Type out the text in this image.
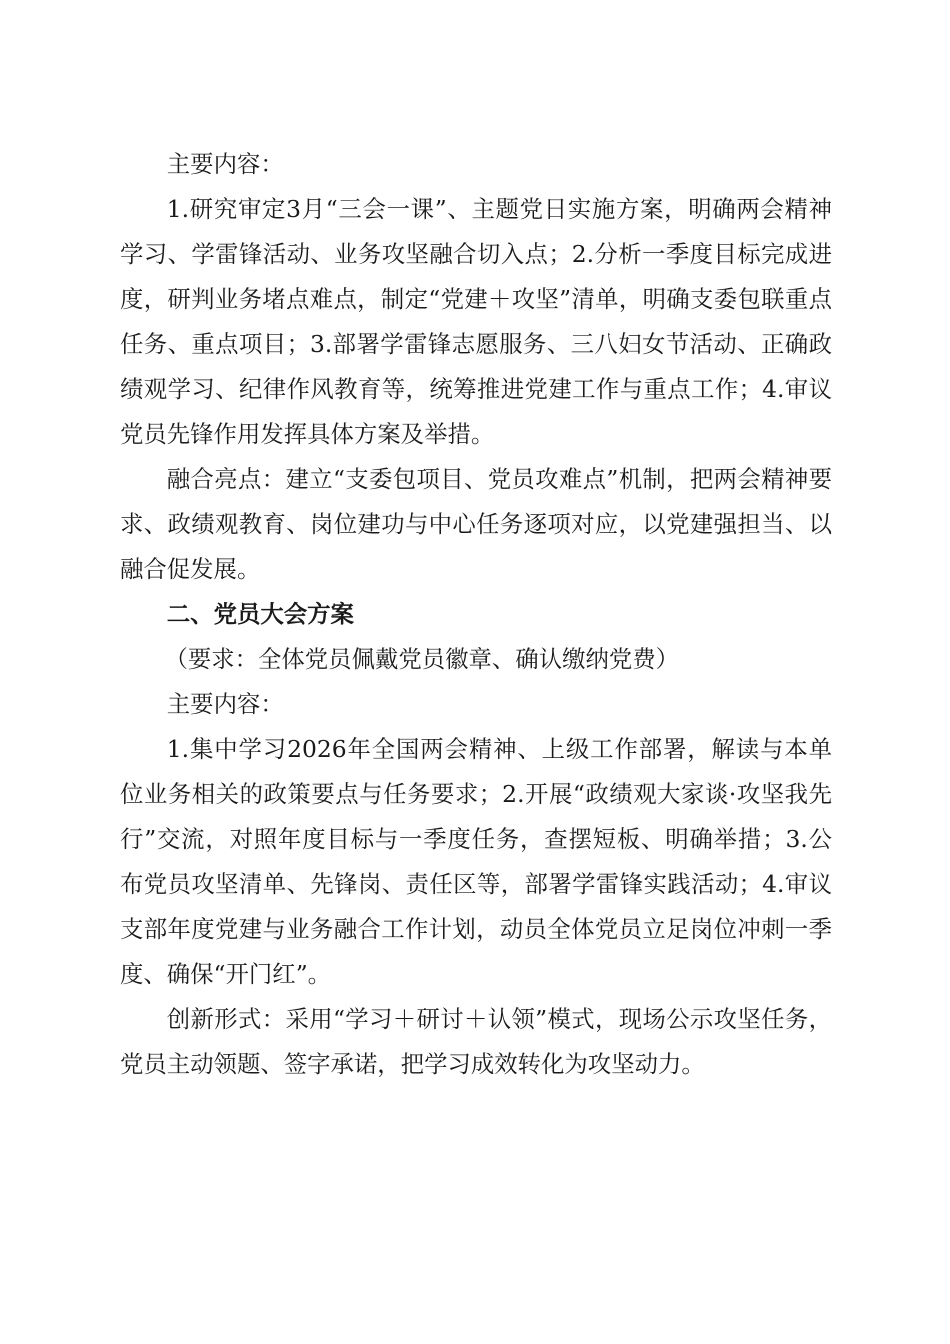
主要内容：

1.研究审定3月“三会一课”、主题党日实施方案，明确两会精神学习、学雷锋活动、业务攻坚融合切入点；2.分析一季度目标完成进度，研判业务堵点难点，制定“党建＋攻坚”清单，明确支委包联重点任务、重点项目；3.部署学雷锋志愿服务、三八妇女节活动、正确政绩观学习、纪律作风教育等，统筹推进党建工作与重点工作；4.审议党员先锋作用发挥具体方案及举措。

融合亮点：建立“支委包项目、党员攻难点”机制，把两会精神要求、政绩观教育、岗位建功与中心任务逐项对应，以党建强担当、以融合促发展。

二、党员大会方案

（要求：全体党员佩戴党员徽章、确认缴纳党费）

主要内容：

1.集中学习2026年全国两会精神、上级工作部署，解读与本单位业务相关的政策要点与任务要求；2.开展“政绩观大家谈·攻坚我先行”交流，对照年度目标与一季度任务，查摆短板、明确举措；3.公布党员攻坚清单、先锋岗、责任区等，部署学雷锋实践活动；4.审议支部年度党建与业务融合工作计划，动员全体党员立足岗位冲刺一季度、确保“开门红”。

创新形式：采用“学习＋研讨＋认领”模式，现场公示攻坚任务，党员主动领题、签字承诺，把学习成效转化为攻坚动力。
